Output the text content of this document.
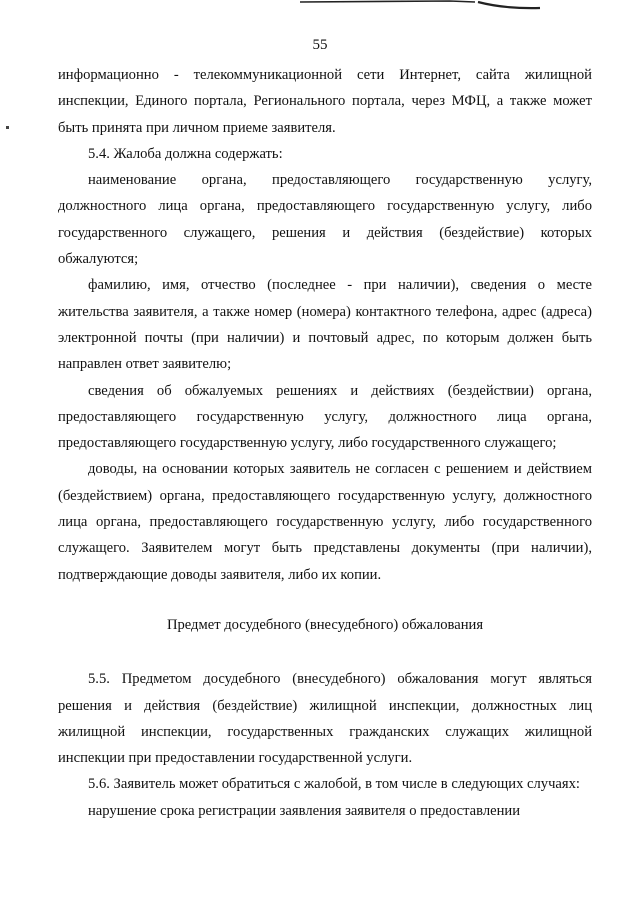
55

информационно - телекоммуникационной сети Интернет, сайта жилищной инспекции, Единого портала, Регионального портала, через МФЦ, а также может быть принята при личном приеме заявителя.

5.4. Жалоба должна содержать:

наименование органа, предоставляющего государственную услугу, должностного лица органа, предоставляющего государственную услугу, либо государственного служащего, решения и действия (бездействие) которых обжалуются;

фамилию, имя, отчество (последнее - при наличии), сведения о месте жительства заявителя, а также номер (номера) контактного телефона, адрес (адреса) электронной почты (при наличии) и почтовый адрес, по которым должен быть направлен ответ заявителю;

сведения об обжалуемых решениях и действиях (бездействии) органа, предоставляющего государственную услугу, должностного лица органа, предоставляющего государственную услугу, либо государственного служащего;

доводы, на основании которых заявитель не согласен с решением и действием (бездействием) органа, предоставляющего государственную услугу, должностного лица органа, предоставляющего государственную услугу, либо государственного служащего. Заявителем могут быть представлены документы (при наличии), подтверждающие доводы заявителя, либо их копии.

Предмет досудебного (внесудебного) обжалования

5.5. Предметом досудебного (внесудебного) обжалования могут являться решения и действия (бездействие) жилищной инспекции, должностных лиц жилищной инспекции, государственных гражданских служащих жилищной инспекции при предоставлении государственной услуги.

5.6. Заявитель может обратиться с жалобой, в том числе в следующих случаях:

нарушение срока регистрации заявления заявителя о предоставлении
